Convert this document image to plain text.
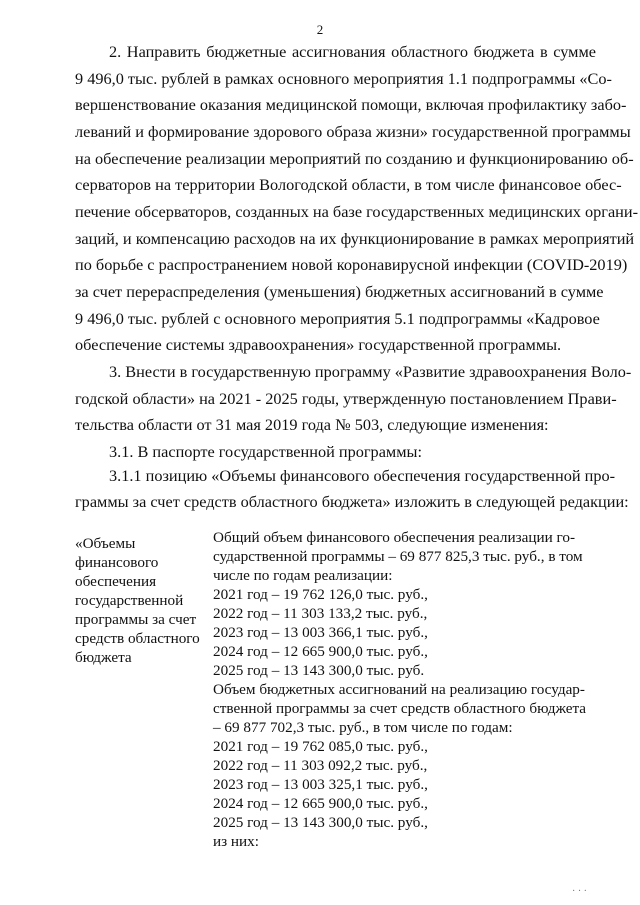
2
2. Направить бюджетные ассигнования областного бюджета в сумме
9 496,0 тыс. рублей в рамках основного мероприятия 1.1 подпрограммы «Со-
вершенствование оказания медицинской помощи, включая профилактику забо-
леваний и формирование здорового образа жизни» государственной программы
на обеспечение реализации мероприятий по созданию и функционированию об-
серваторов на территории Вологодской области, в том числе финансовое обес-
печение обсерваторов, созданных на базе государственных медицинских органи-
заций, и компенсацию расходов на их функционирование в рамках мероприятий
по борьбе с распространением новой коронавирусной инфекции (COVID-2019)
за счет перераспределения (уменьшения) бюджетных ассигнований в сумме
9 496,0 тыс. рублей с основного мероприятия 5.1 подпрограммы «Кадровое
обеспечение системы здравоохранения» государственной программы.
3. Внести в государственную программу «Развитие здравоохранения Воло-
годской области» на 2021 - 2025 годы, утвержденную постановлением Прави-
тельства области от 31 мая 2019 года № 503, следующие изменения:
3.1. В паспорте государственной программы:
3.1.1 позицию «Объемы финансового обеспечения государственной про-
граммы за счет средств областного бюджета» изложить в следующей редакции:
«Объемы
финансового
обеспечения
государственной
программы за счет
средств областного
бюджета
Общий объем финансового обеспечения реализации го-
сударственной программы – 69 877 825,3 тыс. руб., в том
числе по годам реализации:
2021 год – 19 762 126,0 тыс. руб.,
2022 год – 11 303 133,2 тыс. руб.,
2023 год – 13 003 366,1 тыс. руб.,
2024 год – 12 665 900,0 тыс. руб.,
2025 год – 13 143 300,0 тыс. руб.
Объем бюджетных ассигнований на реализацию государ-
ственной программы за счет средств областного бюджета
– 69 877 702,3 тыс. руб., в том числе по годам:
2021 год – 19 762 085,0 тыс. руб.,
2022 год – 11 303 092,2 тыс. руб.,
2023 год – 13 003 325,1 тыс. руб.,
2024 год – 12 665 900,0 тыс. руб.,
2025 год – 13 143 300,0 тыс. руб.,
из них:
· · ·
